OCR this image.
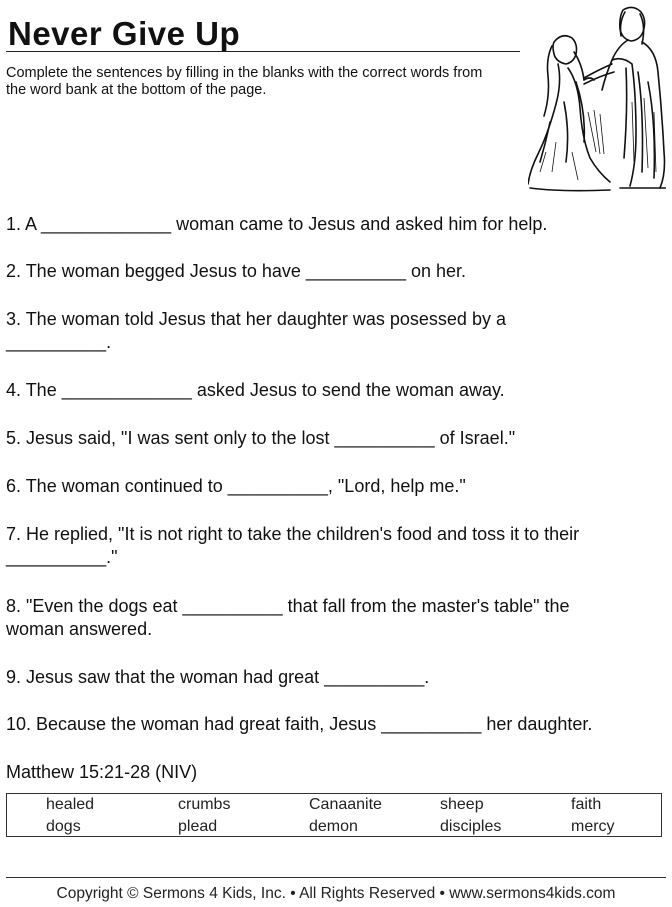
Never Give Up

Complete the sentences by filling in the blanks with the correct words from the word bank at the bottom of the page.

1. A _____________ woman came to Jesus and asked him for help.

2. The woman begged Jesus to have __________ on her.

3. The woman told Jesus that her daughter was posessed by a
__________.

4. The _____________ asked Jesus to send the woman away.

5. Jesus said, "I was sent only to the lost __________ of Israel."

6. The woman continued to __________, "Lord, help me."

7. He replied, "It is not right to take the children's food and toss it to their
__________."

8. "Even the dogs eat __________ that fall from the master's table" the
woman answered.

9. Jesus saw that the woman had great __________.

10. Because the woman had great faith, Jesus __________ her daughter.

Matthew 15:21-28 (NIV)

healed	crumbs	Canaanite	sheep	faith
dogs	plead	demon	disciples	mercy
Copyright © Sermons 4 Kids, Inc. • All Rights Reserved • www.sermons4kids.com
